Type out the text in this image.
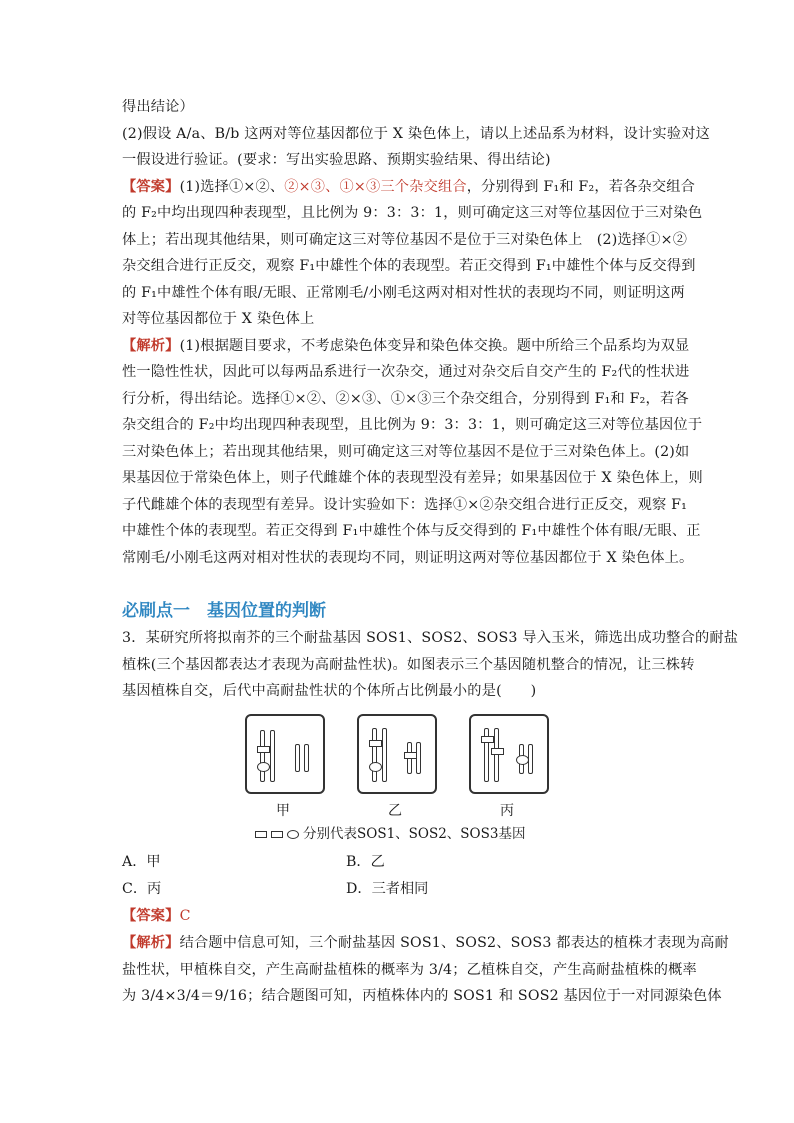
得出结论）
(2)假设 A/a、B/b 这两对等位基因都位于 X 染色体上，请以上述品系为材料，设计实验对这
一假设进行验证。(要求：写出实验思路、预期实验结果、得出结论)
【答案】(1)选择①×②、②×③、①×③三个杂交组合，分别得到 F₁和 F₂，若各杂交组合
的 F₂中均出现四种表现型，且比例为 9：3：3：1，则可确定这三对等位基因位于三对染色
体上；若出现其他结果，则可确定这三对等位基因不是位于三对染色体上　(2)选择①×②
杂交组合进行正反交，观察 F₁中雄性个体的表现型。若正交得到 F₁中雄性个体与反交得到
的 F₁中雄性个体有眼/无眼、正常刚毛/小刚毛这两对相对性状的表现均不同，则证明这两
对等位基因都位于 X 染色体上
【解析】(1)根据题目要求，不考虑染色体变异和染色体交换。题中所给三个品系均为双显
性一隐性性状，因此可以每两品系进行一次杂交，通过对杂交后自交产生的 F₂代的性状进
行分析，得出结论。选择①×②、②×③、①×③三个杂交组合，分别得到 F₁和 F₂，若各
杂交组合的 F₂中均出现四种表现型，且比例为 9：3：3：1，则可确定这三对等位基因位于
三对染色体上；若出现其他结果，则可确定这三对等位基因不是位于三对染色体上。(2)如
果基因位于常染色体上，则子代雌雄个体的表现型没有差异；如果基因位于 X 染色体上，则
子代雌雄个体的表现型有差异。设计实验如下：选择①×②杂交组合进行正反交，观察 F₁
中雄性个体的表现型。若正交得到 F₁中雄性个体与反交得到的 F₁中雄性个体有眼/无眼、正
常刚毛/小刚毛这两对相对性状的表现均不同，则证明这两对等位基因都位于 X 染色体上。
必刷点一　基因位置的判断
3．某研究所将拟南芥的三个耐盐基因 SOS1、SOS2、SOS3 导入玉米，筛选出成功整合的耐盐
植株(三个基因都表达才表现为高耐盐性状)。如图表示三个基因随机整合的情况，让三株转
基因植株自交，后代中高耐盐性状的个体所占比例最小的是(　　)
甲	乙	丙
分别代表SOS1、SOS2、SOS3基因
A．甲	B．乙
C．丙	D．三者相同
【答案】C
【解析】结合题中信息可知，三个耐盐基因 SOS1、SOS2、SOS3 都表达的植株才表现为高耐
盐性状，甲植株自交，产生高耐盐植株的概率为 3/4；乙植株自交，产生高耐盐植株的概率
为 3/4×3/4＝9/16；结合题图可知，丙植株体内的 SOS1 和 SOS2 基因位于一对同源染色体
